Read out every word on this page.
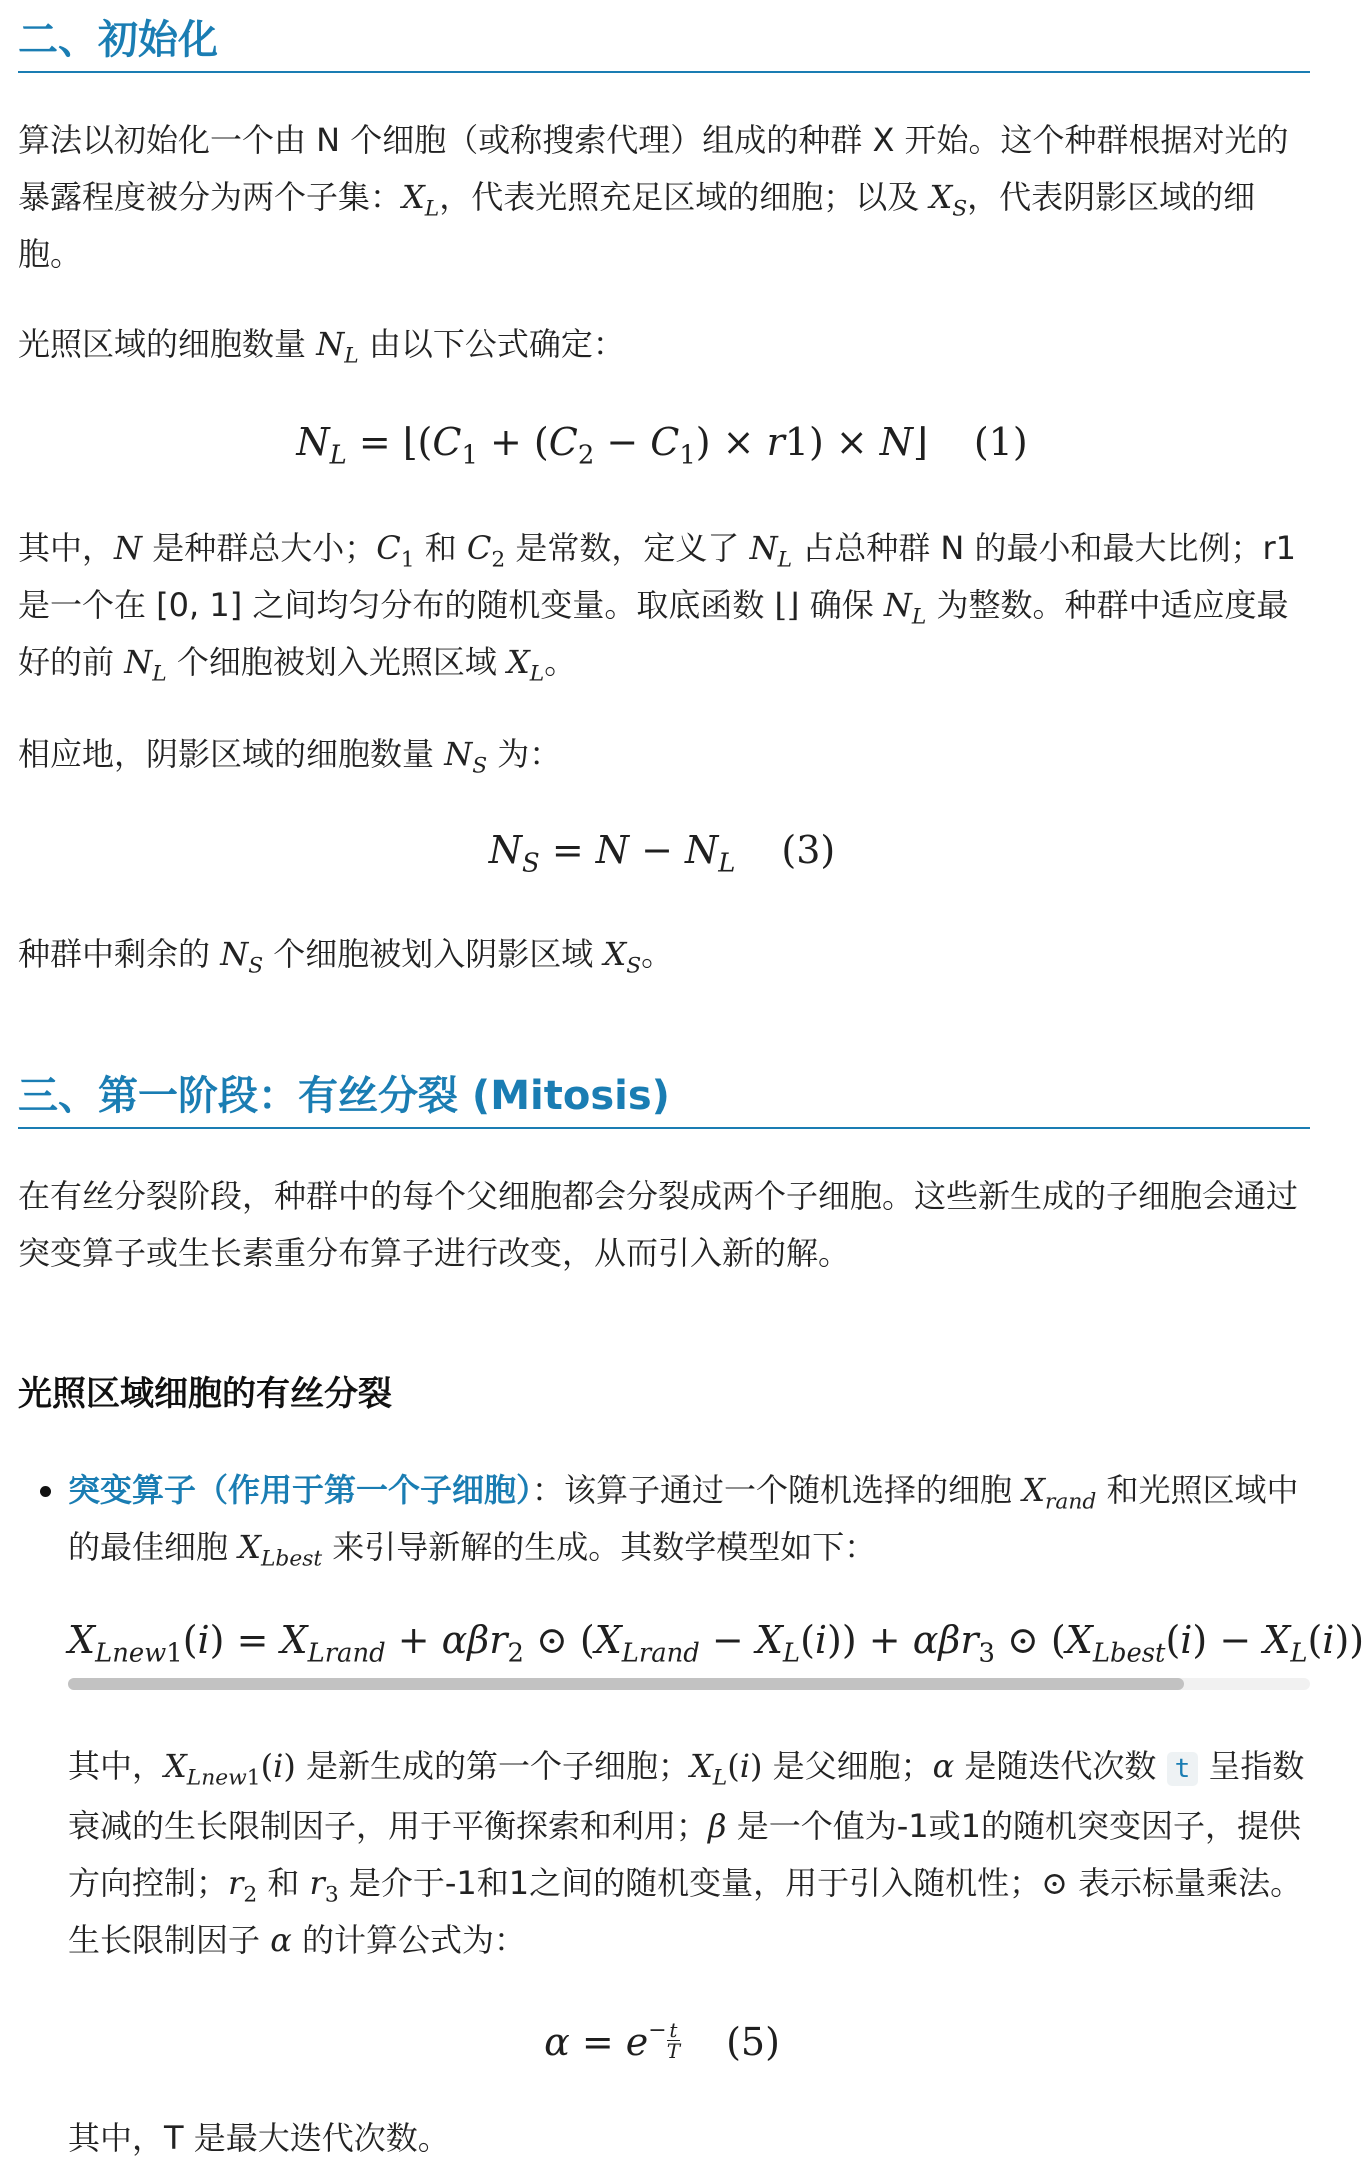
二、初始化

算法以初始化一个由 N 个细胞（或称搜索代理）组成的种群 X 开始。这个种群根据对光的暴露程度被分为两个子集：$X_L$，代表光照充足区域的细胞；以及 $X_S$，代表阴影区域的细胞。

光照区域的细胞数量 $N_L$ 由以下公式确定：

$N_L$ = $⌊(C_1 + (C_2 - C_1) \times r1)$ × N⌋ (1)

其中，N 是种群总大小；$C_1$ 和 $C_2$ 是常数，定义了 $N_L$ 占总种群 N 的最小和最大比例；r1是一个在 [0, 1] 之间均匀分布的随机变量。取底函数 ⌊⌋ 确保 $N_L$ 为整数。种群中适应度最好的前 $N_L$ 个细胞被划入光照区域 $X_L$。

相应地，阴影区域的细胞数量 $N_S$ 为：

$N_S = N - N_L$ (3)

种群中剩余的 $N_S$ 个细胞被划入阴影区域 $X_S$。

三、第一阶段：有丝分裂 (Mitosis)

在有丝分裂阶段，种群中的每个父细胞都会分裂成两个子细胞。这些新生成的子细胞会通过突变算子或生长素重分布算子进行改变，从而引入新的解。

光照区域细胞的有丝分裂
突变算子（作用于第一个子细胞）：该算子通过一个随机选择的细胞 $X_{rand}$ 和光照区域中的最佳细胞 $X_{Lbest}$ 来引导新解的生成。其数学模型如下：
$X_{Lnew1}(i) = X_{Lrand} + \alpha\beta r_2$ ⊙ $(X_{Lrand} - X_L(i)) + \alpha\beta r_3$ ⊙ $(X_{Lbest}(i) - X_L(i))$

其中，$X_{Lnew1}(i)$ 是新生成的第一个子细胞；$X_L(i)$ 是父细胞；α 是随迭代次数 t 呈指数衰减的生长限制因子，用于平衡探索和利用；β 是一个值为-1或1的随机突变因子，提供方向控制；$r_2$ 和 $r_3$ 是介于-1和1之间的随机变量，用于引入随机性；⊙ 表示标量乘法。生长限制因子 α 的计算公式为：

$\alpha = e^- \frac{t}{T} (5)$

其中，T 是最大迭代次数。
